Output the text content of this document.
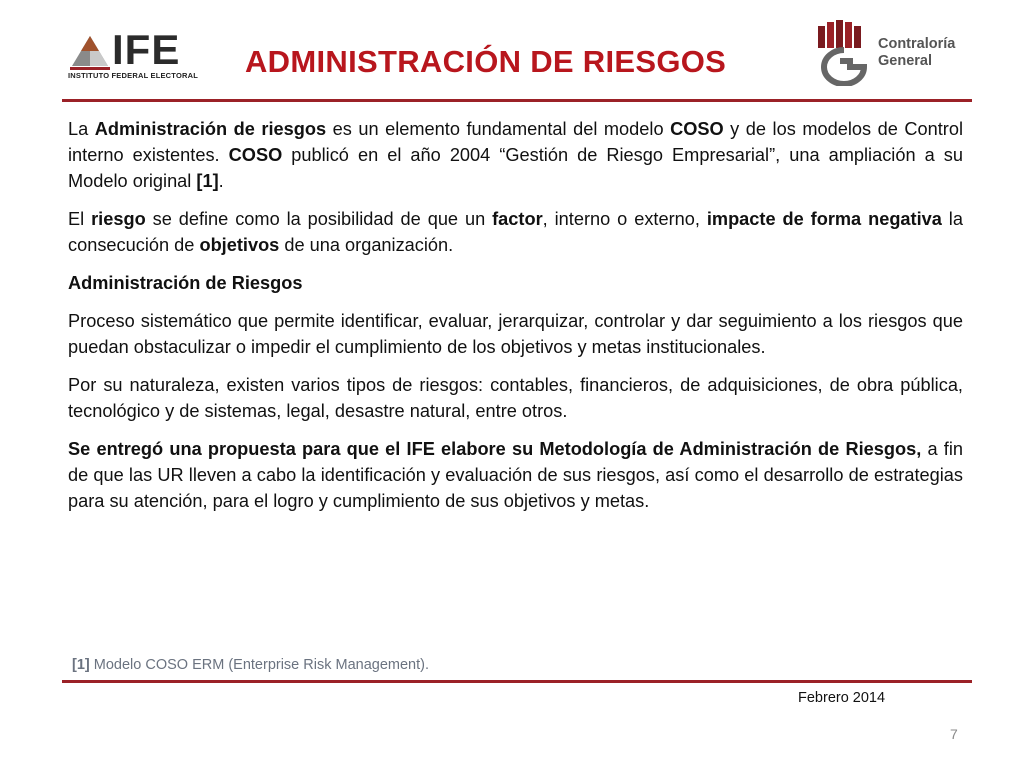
IFE
INSTITUTO FEDERAL ELECTORAL ADMINISTRACIÓN DE RIESGOS	Contraloría
General

La Administración de riesgos es un elemento fundamental del modelo COSO y de los modelos de Control interno existentes. COSO publicó en el año 2004 “Gestión de Riesgo Empresarial”, una ampliación a su Modelo original [1].

El riesgo se define como la posibilidad de que un factor, interno o externo, impacte de forma negativa la consecución de objetivos de una organización.

Administración de Riesgos

Proceso sistemático que permite identificar, evaluar, jerarquizar, controlar y dar seguimiento a los riesgos que puedan obstaculizar o impedir el cumplimiento de los objetivos y metas institucionales.

Por su naturaleza, existen varios tipos de riesgos: contables, financieros, de adquisiciones, de obra pública, tecnológico y de sistemas, legal, desastre natural, entre otros.

Se entregó una propuesta para que el IFE elabore su Metodología de Administración de Riesgos, a fin de que las UR lleven a cabo la identificación y evaluación de sus riesgos, así como el desarrollo de estrategias para su atención, para el logro y cumplimiento de sus objetivos y metas.

[1] Modelo COSO ERM (Enterprise Risk Management).
Febrero 2014
7
